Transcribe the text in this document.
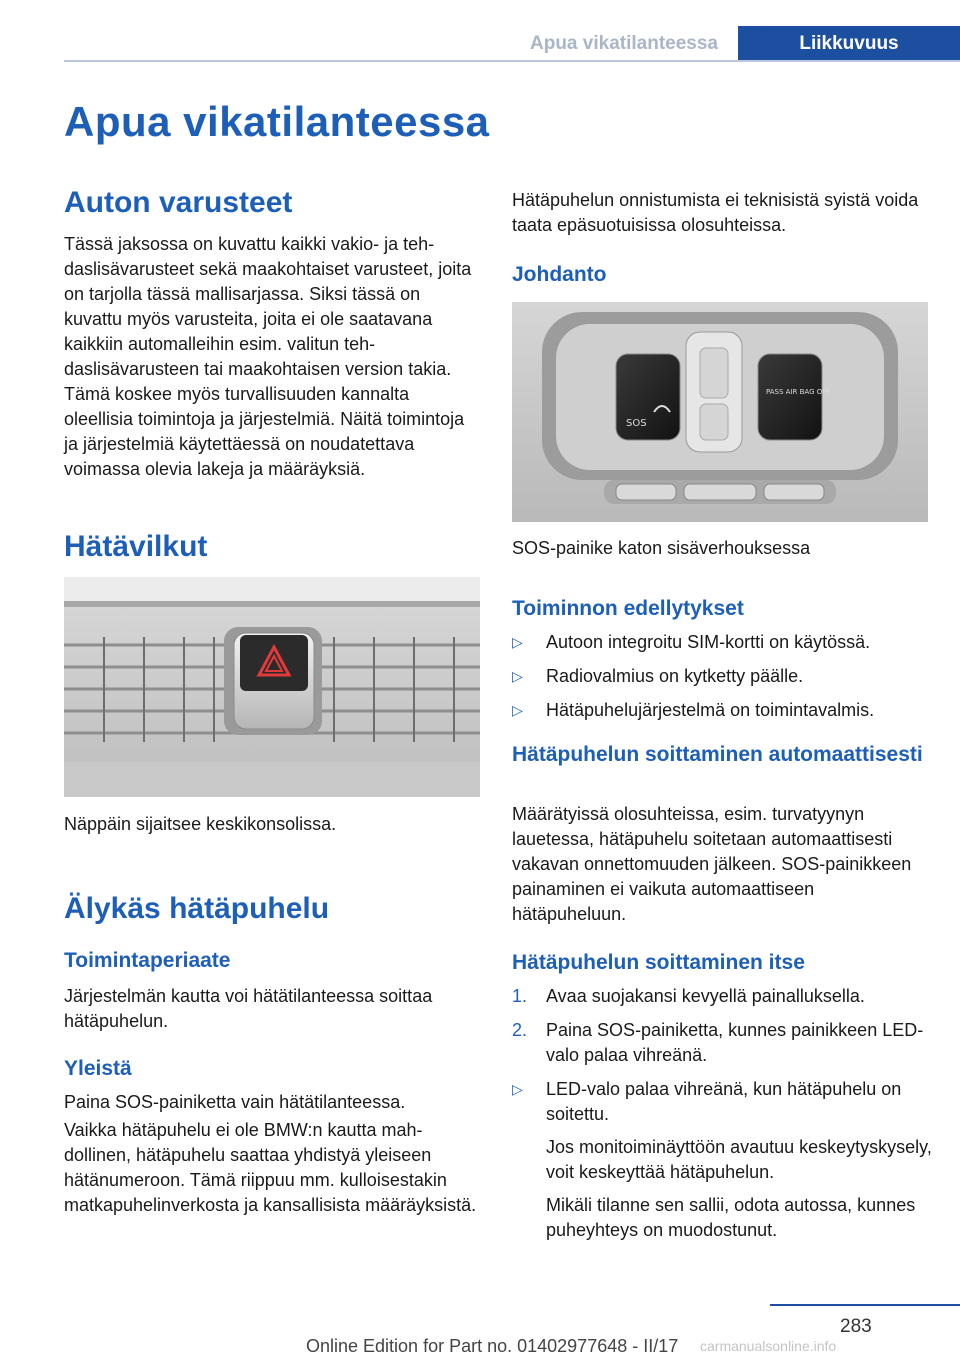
Apua vikatilanteessa	Liikkuvuus
Apua vikatilanteessa
Auton varusteet

Tässä jaksossa on kuvattu kaikki vakio- ja tehdaslisävarusteet sekä maakohtaiset varusteet, joita on tarjolla tässä mallisarjassa. Siksi tässä on kuvattu myös varusteita, joita ei ole saatavana kaikkiin automalleihin esim. valitun tehdaslisävarusteen tai maakohtaisen version takia. Tämä koskee myös turvallisuuden kannalta oleellisia toimintoja ja järjestelmiä. Näitä toimintoja ja järjestelmiä käytettäessä on noudatettava voimassa olevia lakeja ja määräyksiä.

Hätävilkut

Näppäin sijaitsee keskikonsolissa.

Älykäs hätäpuhelu
Toimintaperiaate

Järjestelmän kautta voi hätätilanteessa soittaa hätäpuhelun.

Yleistä

Paina SOS-painiketta vain hätätilanteessa.

Vaikka hätäpuhelu ei ole BMW:n kautta mahdollinen, hätäpuhelu saattaa yhdistyä yleiseen hätänumeroon. Tämä riippuu mm. kulloisestakin matkapuhelinverkosta ja kansallisista määräyksistä.

Hätäpuhelun onnistumista ei teknisistä syistä voida taata epäsuotuisissa olosuhteissa.

Johdanto
SOS
PASS AIR BAG OFF

SOS-painike katon sisäverhouksessa

Toiminnon edellytykset
▷ Autoon integroitu SIM-kortti on käytössä.
▷ Radiovalmius on kytketty päälle.
▷ Hätäpuhelujärjestelmä on toimintavalmis.
Hätäpuhelun soittaminen automaattisesti

Määrätyissä olosuhteissa, esim. turvatyynyn lauetessa, hätäpuhelu soitetaan automaattisesti vakavan onnettomuuden jälkeen. SOS-painikkeen painaminen ei vaikuta automaattiseen hätäpuheluun.

Hätäpuhelun soittaminen itse
1. Avaa suojakansi kevyellä painalluksella.
2. Paina SOS-painiketta, kunnes painikkeen LED-valo palaa vihreänä.
▷ LED-valo palaa vihreänä, kun hätäpuhelu on soitettu.
Jos monitoiminäyttöön avautuu keskeytyskysely, voit keskeyttää hätäpuhelun.
Mikäli tilanne sen sallii, odota autossa, kunnes puheyhteys on muodostunut.
283
Online Edition for Part no. 01402977648 - II/17 carmanualsonline.info
